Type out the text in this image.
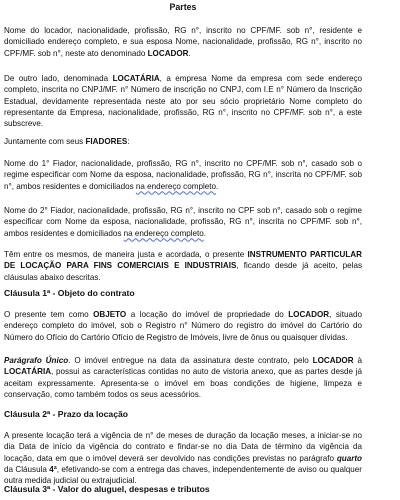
Partes

Nome do locador, nacionalidade, profissão, RG n°, inscrito no CPF/MF. sob n°, residente e domiciliado endereço completo, e sua esposa Nome, nacionalidade, profissão, RG n°, inscrito no CPF/MF. sob n°, neste ato denominado LOCADOR.

De outro lado, denominada LOCATÁRIA, a empresa Nome da empresa com sede endereço completo, inscrita no CNPJ/MF. n° Número de inscrição no CNPJ, com I.E n° Número da Inscrição Estadual, devidamente representada neste ato por seu sócio proprietário Nome completo do representante da Empresa, nacionalidade, profissão, RG n°, inscrito no CPF/MF. sob n°, a este subscreve.

Juntamente com seus FIADORES:

Nome do 1° Fiador, nacionalidade, profissão, RG n°, inscrito no CPF/MF. sob n°, casado sob o regime especificar com Nome da esposa, nacionalidade, profissão, RG n°, inscrita no CPF/MF. sob n°, ambos residentes e domiciliados na endereço completo.

Nome do 2° Fiador, nacionalidade, profissão, RG n°, inscrito no CPF sob n°, casado sob o regime especificar com Nome da esposa, nacionalidade, profissão, RG n°, inscrita no CPF/MF. sob n°, ambos residentes e domiciliados na endereço completo.

Têm entre os mesmos, de maneira justa e acordada, o presente INSTRUMENTO PARTICULAR DE LOCAÇÃO PARA FINS COMERCIAIS E INDUSTRIAIS, ficando desde já aceito, pelas cláusulas abaixo descritas.

Cláusula 1ª - Objeto do contrato

O presente tem como OBJETO a locação do imóvel de propriedade do LOCADOR, situado endereço completo do imóvel, sob o Registro n° Número do registro do imóvel do Cartório do Número do Ofício do Cartório Ofício de Registro de Imóveis, livre de ônus ou quaisquer dívidas.

Parágrafo Único. O imóvel entregue na data da assinatura deste contrato, pelo LOCADOR à LOCATÁRIA, possui as características contidas no auto de vistoria anexo, que as partes desde já aceitam expressamente. Apresenta-se o imóvel em boas condições de higiene, limpeza e conservação, como também todos os seus acessórios.

Cláusula 2ª - Prazo da locação

A presente locação terá a vigência de n° de meses de duração da locação meses, a iniciar-se no dia Data de início da vigência do contrato e findar-se no dia Data de término da vigência da locação, data em que o imóvel deverá ser devolvido nas condições previstas no parágrafo quarto da Cláusula 4ª, efetivando-se com a entrega das chaves, independentemente de aviso ou qualquer outra medida judicial ou extrajudicial.

Cláusula 3ª - Valor do aluguel, despesas e tributos
